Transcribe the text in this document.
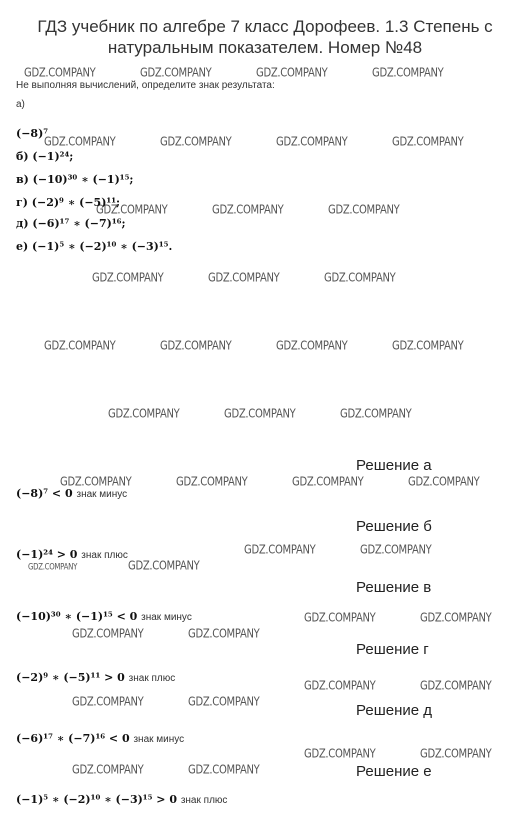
ГДЗ учебник по алгебре 7 класс Дорофеев. 1.3 Степень с натуральным показателем. Номер №48
GDZ.COMPANY	GDZ.COMPANY	GDZ.COMPANY	GDZ.COMPANY
GDZ.COMPANY	GDZ.COMPANY	GDZ.COMPANY	GDZ.COMPANY
GDZ.COMPANY	GDZ.COMPANY	GDZ.COMPANY
GDZ.COMPANY	GDZ.COMPANY	GDZ.COMPANY
GDZ.COMPANY	GDZ.COMPANY	GDZ.COMPANY	GDZ.COMPANY
GDZ.COMPANY	GDZ.COMPANY	GDZ.COMPANY
GDZ.COMPANY	GDZ.COMPANY	GDZ.COMPANY	GDZ.COMPANY
GDZ.COMPANY	GDZ.COMPANY
GDZ.COMPANY	GDZ.COMPANY
GDZ.COMPANY	GDZ.COMPANY
GDZ.COMPANY	GDZ.COMPANY
GDZ.COMPANY	GDZ.COMPANY
GDZ.COMPANY	GDZ.COMPANY
GDZ.COMPANY	GDZ.COMPANY
GDZ.COMPANY	GDZ.COMPANY
Не выполняя вычислений, определите знак результата:
а)
(−8)⁷
б) (−1)²⁴;
в) (−10)³⁰ ∗ (−1)¹⁵;
г) (−2)⁹ ∗ (−5)¹¹;
д) (−6)¹⁷ ∗ (−7)¹⁶;
е) (−1)⁵ ∗ (−2)¹⁰ ∗ (−3)¹⁵.
Решение а
(−8)⁷ < 0 знак минус
Решение б
(−1)²⁴ > 0 знак плюс
Решение в
(−10)³⁰ ∗ (−1)¹⁵ < 0 знак минус
Решение г
(−2)⁹ ∗ (−5)¹¹ > 0 знак плюс
Решение д
(−6)¹⁷ ∗ (−7)¹⁶ < 0 знак минус
Решение е
(−1)⁵ ∗ (−2)¹⁰ ∗ (−3)¹⁵ > 0 знак плюс
